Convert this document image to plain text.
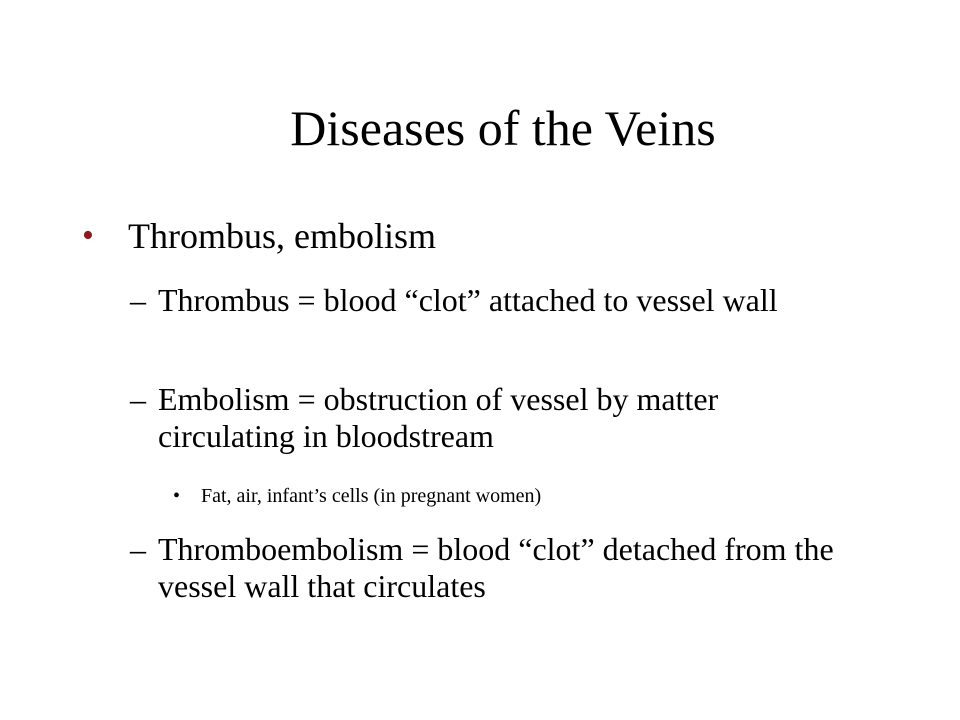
Diseases of the Veins
• Thrombus, embolism
– Thrombus = blood “clot” attached to vessel wall
– Embolism = obstruction of vessel by matter circulating in bloodstream
• Fat, air, infant’s cells (in pregnant women)
– Thromboembolism = blood “clot” detached from the vessel wall that circulates
